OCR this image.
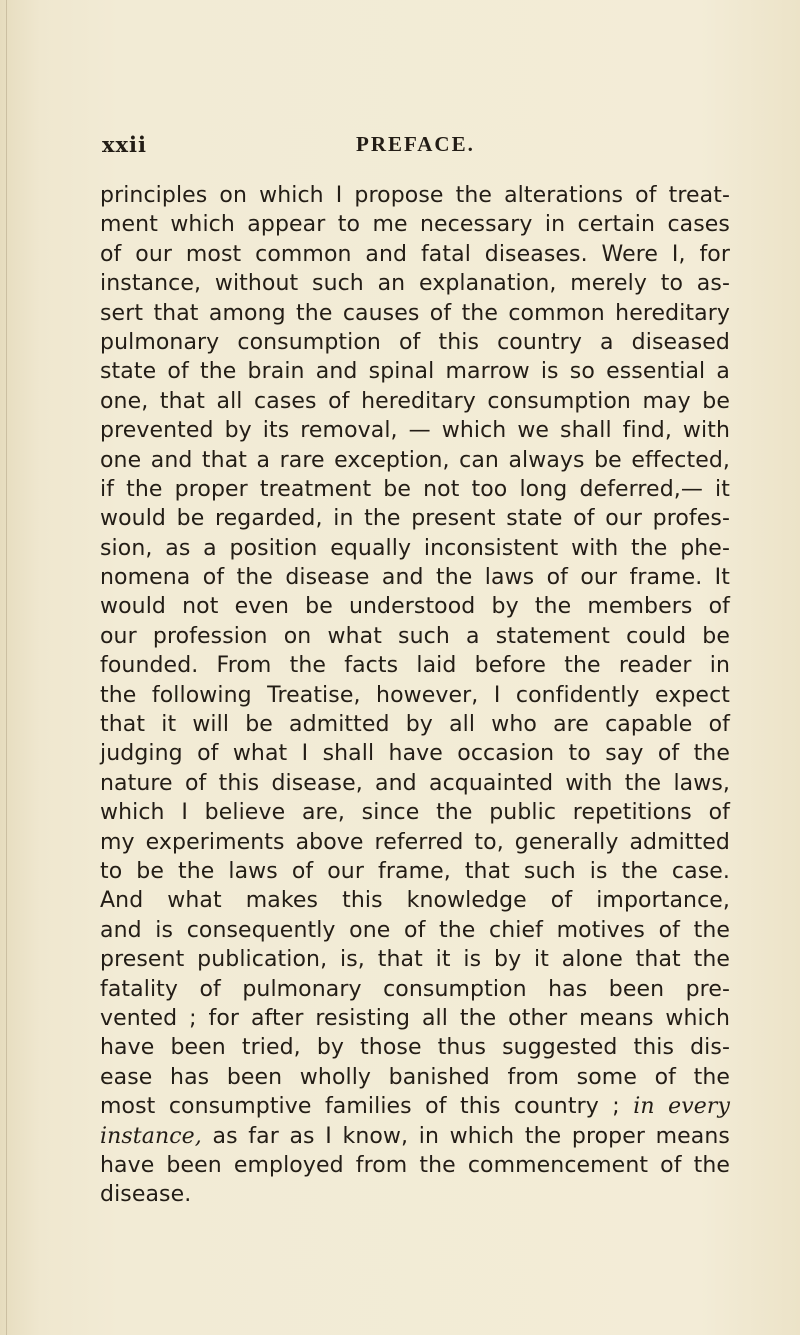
xxii	PREFACE.
principles on which I propose the alterations of treat-
ment which appear to me necessary in certain cases
of our most common and fatal diseases. Were I, for
instance, without such an explanation, merely to as-
sert that among the causes of the common hereditary
pulmonary consumption of this country a diseased
state of the brain and spinal marrow is so essential a
one, that all cases of hereditary consumption may be
prevented by its removal, — which we shall find, with
one and that a rare exception, can always be effected,
if the proper treatment be not too long deferred,— it
would be regarded, in the present state of our profes-
sion, as a position equally inconsistent with the phe-
nomena of the disease and the laws of our frame. It
would not even be understood by the members of
our profession on what such a statement could be
founded. From the facts laid before the reader in
the following Treatise, however, I confidently expect
that it will be admitted by all who are capable of
judging of what I shall have occasion to say of the
nature of this disease, and acquainted with the laws,
which I believe are, since the public repetitions of
my experiments above referred to, generally admitted
to be the laws of our frame, that such is the case.
And what makes this knowledge of importance,
and is consequently one of the chief motives of the
present publication, is, that it is by it alone that the
fatality of pulmonary consumption has been pre-
vented ; for after resisting all the other means which
have been tried, by those thus suggested this dis-
ease has been wholly banished from some of the
most consumptive families of this country ; in every
instance, as far as I know, in which the proper means
have been employed from the commencement of the
disease.
